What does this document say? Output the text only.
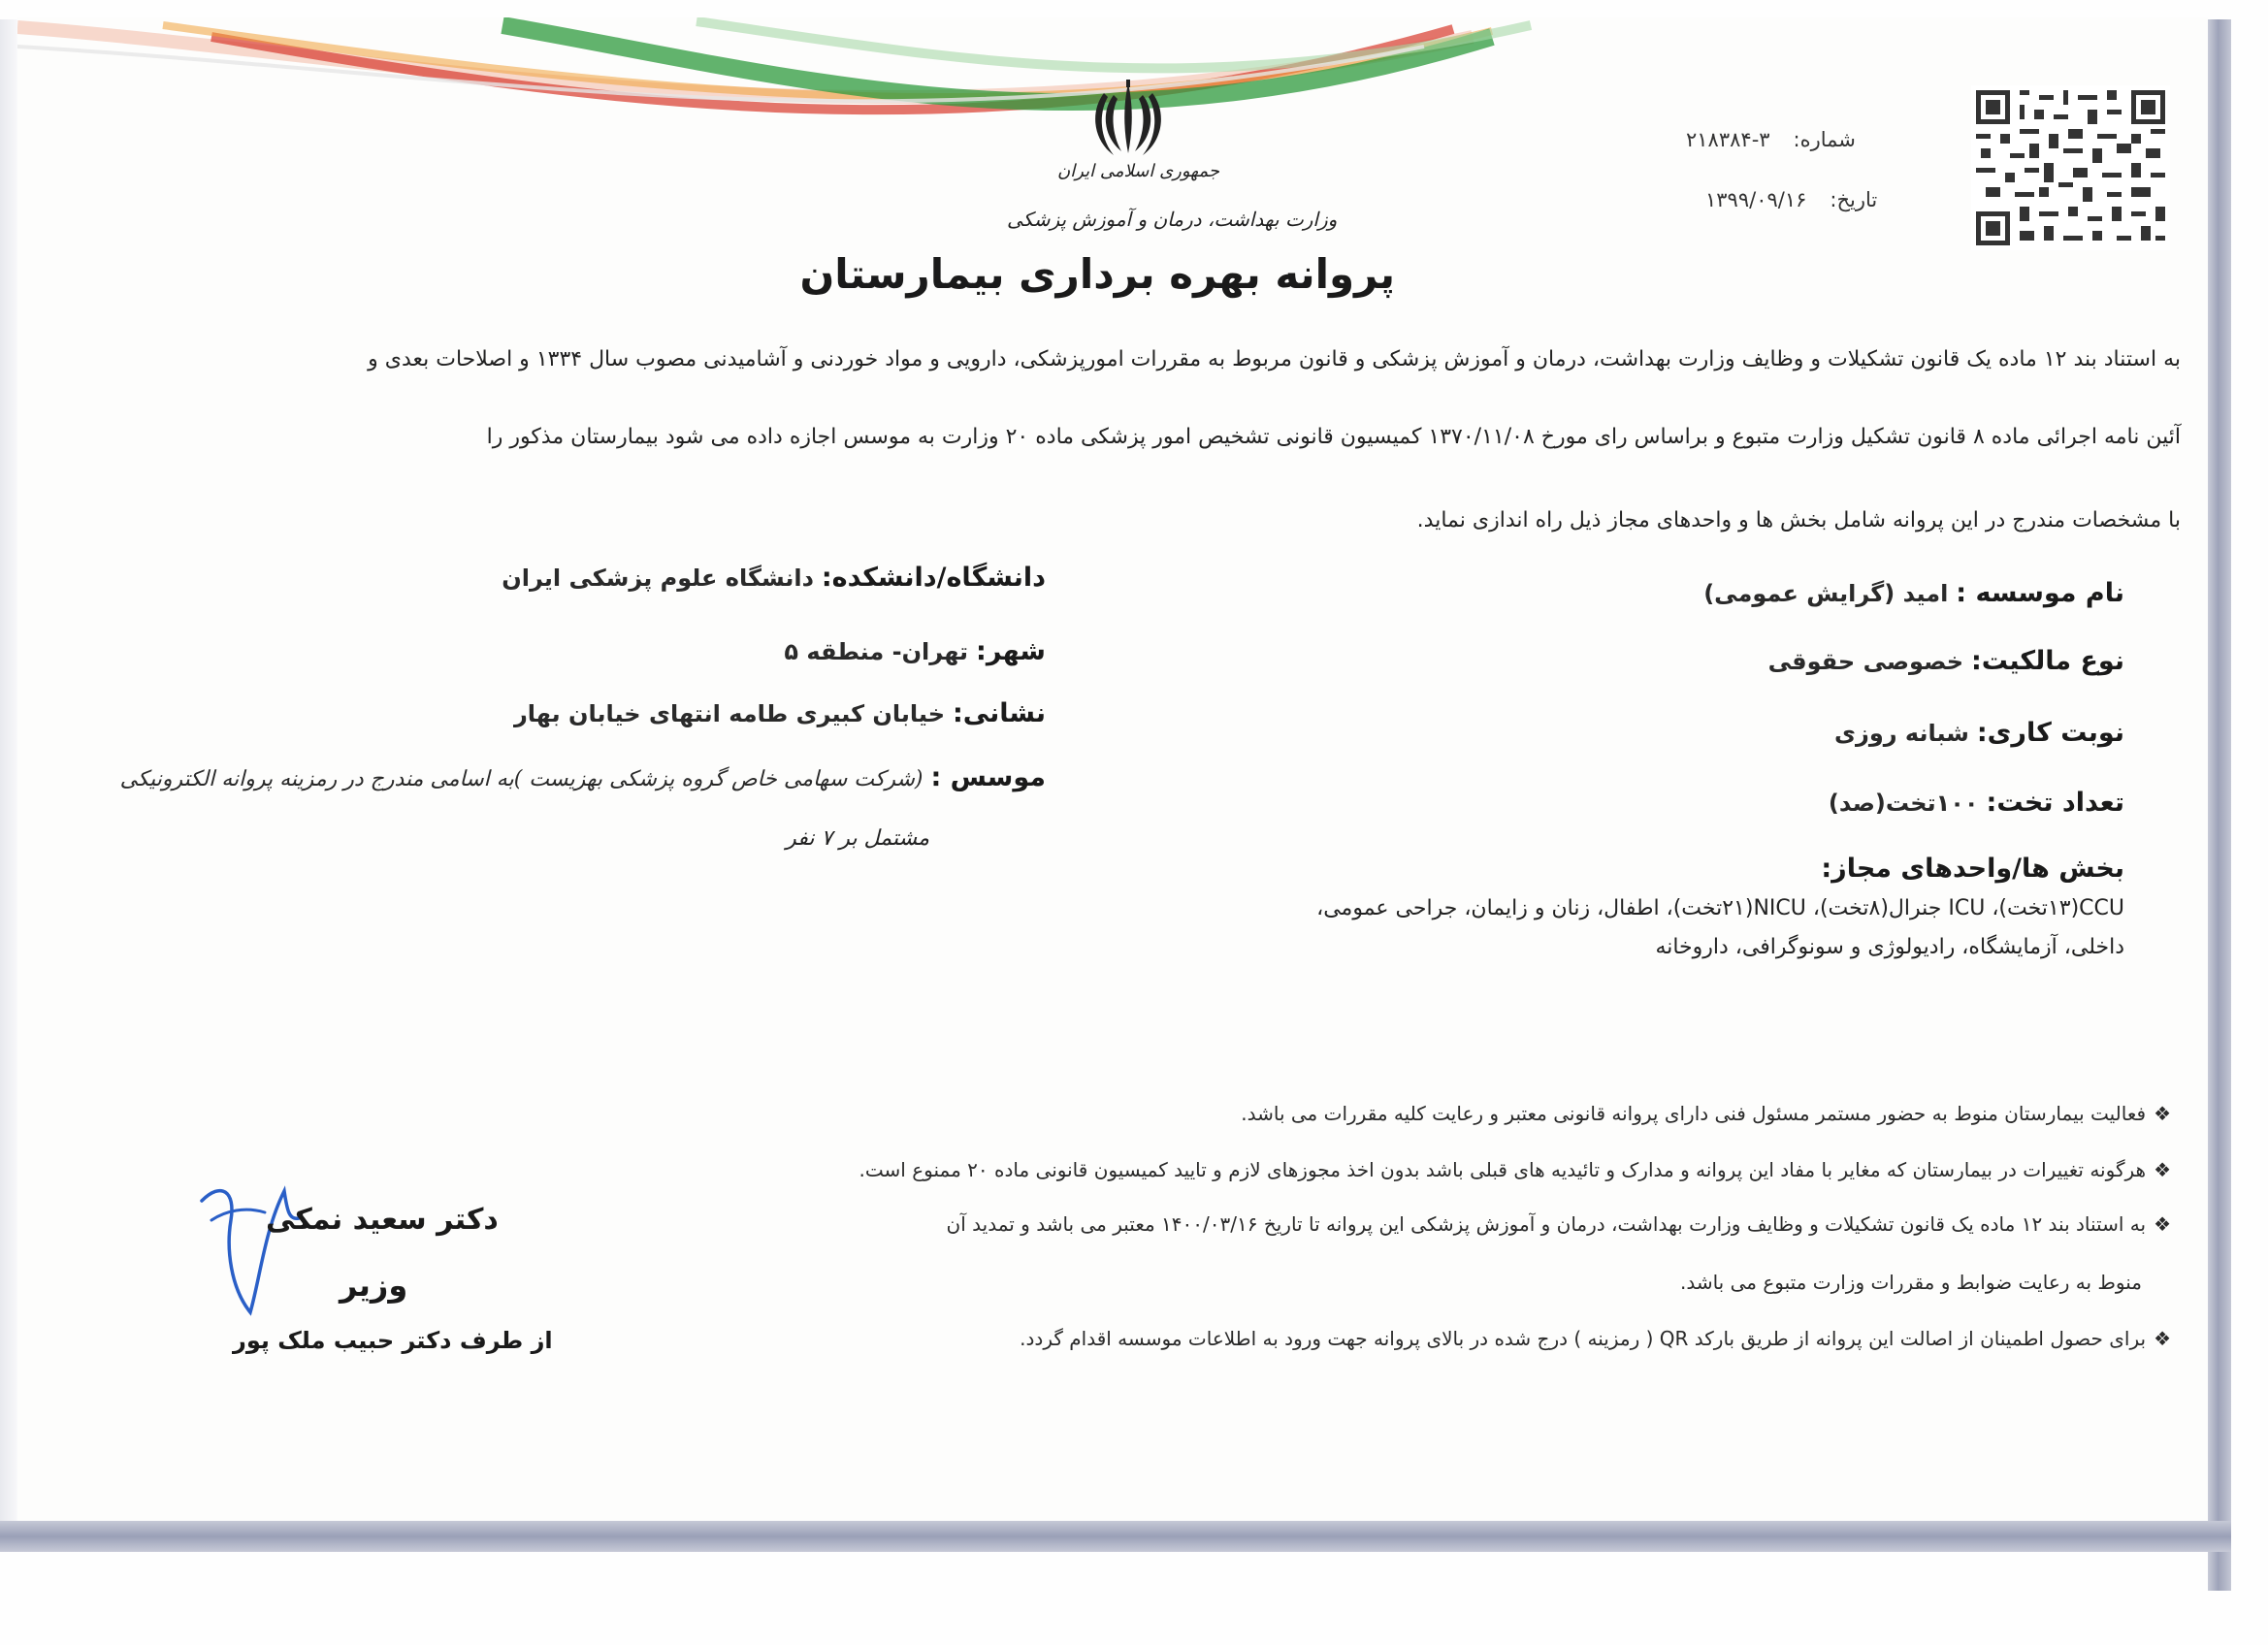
جمهوری اسلامی ایران
وزارت بهداشت، درمان و آموزش پزشکی
شماره:۳-۲۱۸۳۸۴
تاریخ:۱۳۹۹/۰۹/۱۶
پروانه بهره برداری بیمارستان
به استناد بند ۱۲ ماده یک قانون تشکیلات و وظایف وزارت بهداشت، درمان و آموزش پزشکی و قانون مربوط به مقررات امورپزشکی، دارویی و مواد خوردنی و آشامیدنی مصوب سال ۱۳۳۴ و اصلاحات بعدی و
آئین نامه اجرائی ماده ۸ قانون تشکیل وزارت متبوع و براساس رای مورخ ۱۳۷۰/۱۱/۰۸ کمیسیون قانونی تشخیص امور پزشکی ماده ۲۰ وزارت به موسس اجازه داده می شود بیمارستان مذکور را
با مشخصات مندرج در این پروانه شامل بخش ها و واحدهای مجاز ذیل راه اندازی نماید.
نام موسسه : امید (گرایش عمومی)
نوع مالکیت: خصوصی حقوقی
نوبت کاری: شبانه روزی
تعداد تخت: ۱۰۰تخت(صد)
بخش ها/واحدهای مجاز:
CCU(۱۳تخت)، ICU جنرال(۸تخت)، NICU(۲۱تخت)، اطفال، زنان و زایمان، جراحی عمومی،
داخلی، آزمایشگاه، رادیولوژی و سونوگرافی، داروخانه
دانشگاه/دانشکده: دانشگاه علوم پزشکی ایران
شهر: تهران- منطقه ۵
نشانی: خیابان کبیری طامه انتهای خیابان بهار
موسس : (شرکت سهامی خاص گروه پزشکی بهزیست )به اسامی مندرج در رمزینه پروانه الکترونیکی
مشتمل بر ۷ نفر
❖فعالیت بیمارستان منوط به حضور مستمر مسئول فنی دارای پروانه قانونی معتبر و رعایت کلیه مقررات می باشد.
❖هرگونه تغییرات در بیمارستان که مغایر با مفاد این پروانه و مدارک و تائیدیه های قبلی باشد بدون اخذ مجوزهای لازم و تایید کمیسیون قانونی ماده ۲۰ ممنوع است.
❖به استناد بند ۱۲ ماده یک قانون تشکیلات و وظایف وزارت بهداشت، درمان و آموزش پزشکی این پروانه تا تاریخ ۱۴۰۰/۰۳/۱۶ معتبر می باشد و تمدید آن
منوط به رعایت ضوابط و مقررات وزارت متبوع می باشد.
❖برای حصول اطمینان از اصالت این پروانه از طریق بارکد QR ( رمزینه ) درج شده در بالای پروانه جهت ورود به اطلاعات موسسه اقدام گردد.
دکتر سعید نمکی
وزیر
از طرف دکتر حبیب ملک پور
